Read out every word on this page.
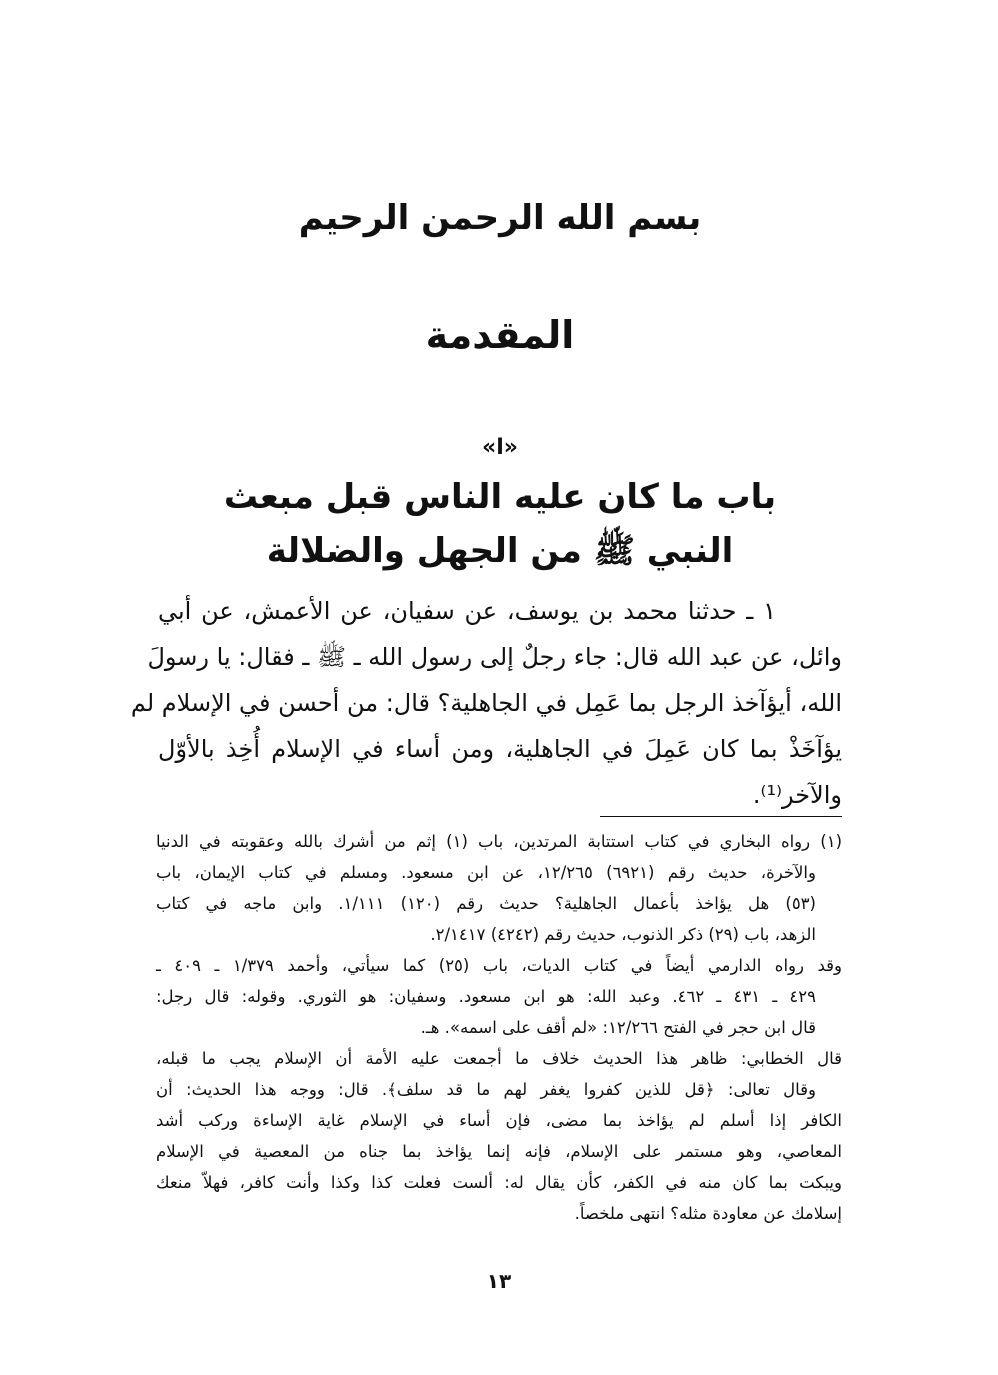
بسم الله الرحمن الرحيم
المقدمة
«ا»
باب ما كان عليه الناس قبل مبعث
النبي ﷺ من الجهل والضلالة
١ ـ حدثنا محمد بن يوسف، عن سفيان، عن الأعمش، عن أبي
وائل، عن عبد الله قال: جاء رجلٌ إلى رسول الله ـ ﷺ ـ فقال: يا رسولَ
الله، أيؤآخذ الرجل بما عَمِل في الجاهلية؟ قال: من أحسن في الإسلام لم
يؤآخَذْ بما كان عَمِلَ في الجاهلية، ومن أساء في الإسلام أُخِذ بالأوّل
والآخر⁽¹⁾.
(١) رواه البخاري في كتاب استتابة المرتدين، باب (١) إثم من أشرك بالله وعقوبته في الدنيا
والآخرة، حديث رقم (٦٩٢١) ١٢/٢٦٥، عن ابن مسعود. ومسلم في كتاب الإيمان، باب
(٥٣) هل يؤاخذ بأعمال الجاهلية؟ حديث رقم (١٢٠) ١/١١١. وابن ماجه في كتاب
الزهد، باب (٢٩) ذكر الذنوب، حديث رقم (٤٢٤٢) ٢/١٤١٧.
وقد رواه الدارمي أيضاً في كتاب الديات، باب (٢٥) كما سيأتي، وأحمد ١/٣٧٩ ـ ٤٠٩ ـ
٤٢٩ ـ ٤٣١ ـ ٤٦٢. وعبد الله: هو ابن مسعود. وسفيان: هو الثوري. وقوله: قال رجل:
قال ابن حجر في الفتح ١٢/٢٦٦: «لم أقف على اسمه». هـ.
قال الخطابي: ظاهر هذا الحديث خلاف ما أجمعت عليه الأمة أن الإسلام يجب ما قبله،
وقال تعالى: ﴿قل للذين كفروا يغفر لهم ما قد سلف﴾. قال: ووجه هذا الحديث: أن
الكافر إذا أسلم لم يؤاخذ بما مضى، فإن أساء في الإسلام غاية الإساءة وركب أشد
المعاصي، وهو مستمر على الإسلام، فإنه إنما يؤاخذ بما جناه من المعصية في الإسلام
ويبكت بما كان منه في الكفر، كأن يقال له: ألست فعلت كذا وكذا وأنت كافر، فهلاّ منعك
إسلامك عن معاودة مثله؟ انتهى ملخصاً.
١٣
